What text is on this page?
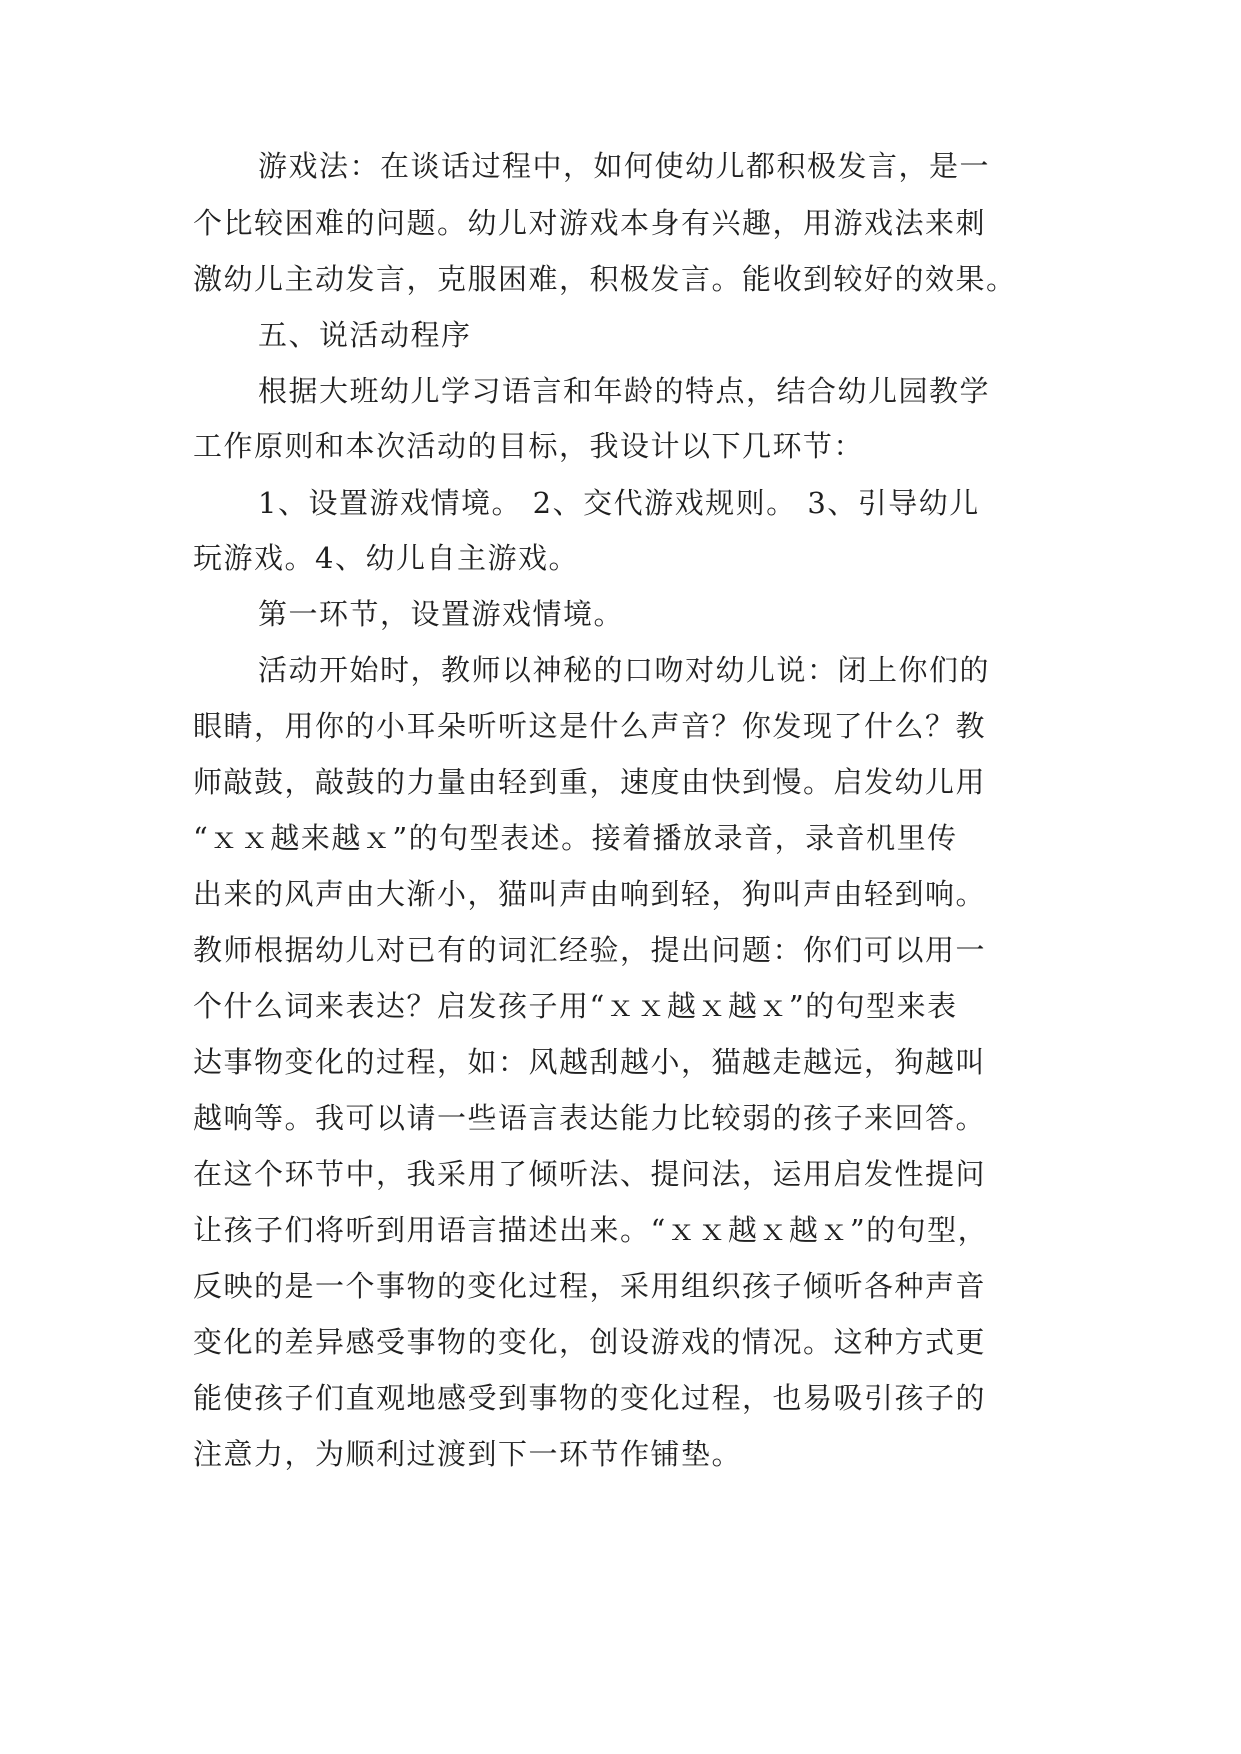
游戏法：在谈话过程中，如何使幼儿都积极发言，是一
个比较困难的问题。幼儿对游戏本身有兴趣，用游戏法来刺
激幼儿主动发言，克服困难，积极发言。能收到较好的效果。
五、说活动程序
根据大班幼儿学习语言和年龄的特点，结合幼儿园教学
工作原则和本次活动的目标，我设计以下几环节：
1、设置游戏情境。 2、交代游戏规则。 3、引导幼儿
玩游戏。4、幼儿自主游戏。
第一环节，设置游戏情境。
活动开始时，教师以神秘的口吻对幼儿说：闭上你们的
眼睛，用你的小耳朵听听这是什么声音？你发现了什么？教
师敲鼓，敲鼓的力量由轻到重，速度由快到慢。启发幼儿用
“ｘｘ越来越ｘ”的句型表述。接着播放录音，录音机里传
出来的风声由大渐小，猫叫声由响到轻，狗叫声由轻到响。
教师根据幼儿对已有的词汇经验，提出问题：你们可以用一
个什么词来表达？启发孩子用“ｘｘ越ｘ越ｘ”的句型来表
达事物变化的过程，如：风越刮越小，猫越走越远，狗越叫
越响等。我可以请一些语言表达能力比较弱的孩子来回答。
在这个环节中，我采用了倾听法、提问法，运用启发性提问
让孩子们将听到用语言描述出来。“ｘｘ越ｘ越ｘ”的句型，
反映的是一个事物的变化过程，采用组织孩子倾听各种声音
变化的差异感受事物的变化，创设游戏的情况。这种方式更
能使孩子们直观地感受到事物的变化过程，也易吸引孩子的
注意力，为顺利过渡到下一环节作铺垫。
